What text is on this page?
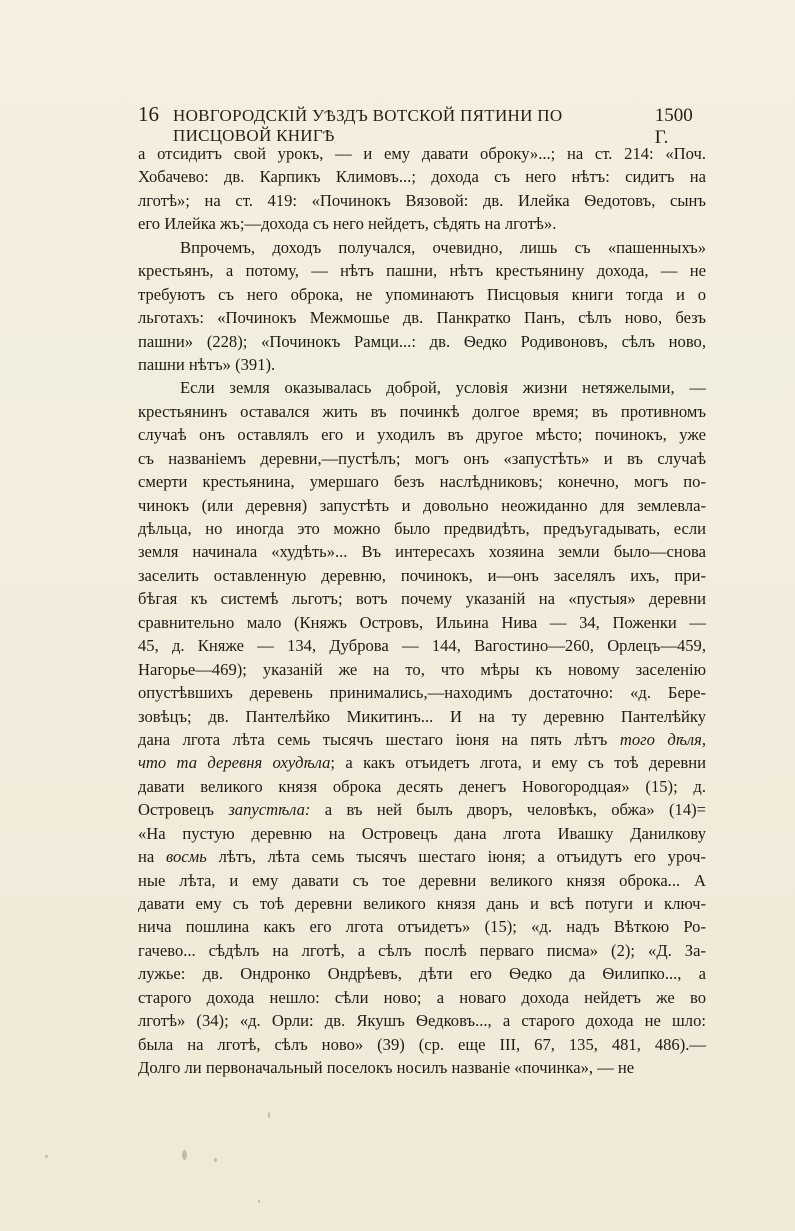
16 НОВГОРОДСКІЙ УѢЗДЪ ВОТСКОЙ ПЯТИНИ ПО ПИСЦОВОЙ КНИГѢ
1500 Г.
а отсидитъ свой урокъ, — и ему давати оброку»...; на ст. 214: «Поч.
Хобачево: дв. Карпикъ Климовъ...; дохода съ него нѣтъ: сидитъ на
лготѣ»; на ст. 419: «Починокъ Вязовой: дв. Илейка Ѳедотовъ, сынъ
его Илейка жъ;—дохода съ него нейдетъ, сѣдять на лготѣ».
Впрочемъ, доходъ получался, очевидно, лишь съ «пашенныхъ»
крестьянъ, а потому, — нѣтъ пашни, нѣтъ крестьянину дохода, — не
требуютъ съ него оброка, не упоминаютъ Писцовыя книги тогда и о
льготахъ: «Починокъ Межмошье дв. Панкратко Панъ, сѣлъ ново, безъ
пашни» (228); «Починокъ Рамци...: дв. Ѳедко Родивоновъ, сѣлъ ново,
пашни нѣтъ» (391).
Если земля оказывалась доброй, условія жизни нетяжелыми, —
крестьянинъ оставался жить въ починкѣ долгое время; въ противномъ
случаѣ онъ оставлялъ его и уходилъ въ другое мѣсто; починокъ, уже
съ названіемъ деревни,—пустѣлъ; могъ онъ «запустѣть» и въ случаѣ
смерти крестьянина, умершаго безъ наслѣдниковъ; конечно, могъ по-
чинокъ (или деревня) запустѣть и довольно неожиданно для землевла-
дѣльца, но иногда это можно было предвидѣть, предъугадывать, если
земля начинала «худѣть»... Въ интересахъ хозяина земли было—снова
заселить оставленную деревню, починокъ, и—онъ заселялъ ихъ, при-
бѣгая къ системѣ льготъ; вотъ почему указаній на «пустыя» деревни
сравнительно мало (Княжъ Островъ, Ильина Нива — 34, Поженки —
45, д. Княже — 134, Дуброва — 144, Вагостино—260, Орлецъ—459,
Нагорье—469); указаній же на то, что мѣры къ новому заселенію
опустѣвшихъ деревень принимались,—находимъ достаточно: «д. Бере-
зовѣцъ; дв. Пантелѣйко Микитинъ... И на ту деревню Пантелѣйку
дана лгота лѣта семь тысячъ шестаго іюня на пять лѣтъ того дѣля,
что та деревня охудѣла; а какъ отъидетъ лгота, и ему съ тоѣ деревни
давати великого князя оброка десять денегъ Новогородцая» (15); д.
Островецъ запустѣла: а въ ней былъ дворъ, человѣкъ, обжа» (14)=
«На пустую деревню на Островецъ дана лгота Ивашку Данилкову
на восмь лѣтъ, лѣта семь тысячъ шестаго іюня; а отъидутъ его уроч-
ные лѣта, и ему давати съ тое деревни великого князя оброка... А
давати ему съ тоѣ деревни великого князя дань и всѣ потуги и ключ-
нича пошлина какъ его лгота отъидетъ» (15); «д. надъ Вѣткою Ро-
гачево... сѣдѣлъ на лготѣ, а сѣлъ послѣ перваго писма» (2); «Д. За-
лужье: дв. Ондронко Ондрѣевъ, дѣти его Ѳедко да Ѳилипко..., а
старого дохода нешло: сѣли ново; а новаго дохода нейдетъ же во
лготѣ» (34); «д. Орли: дв. Якушъ Ѳедковъ..., а старого дохода не шло:
была на лготѣ, сѣлъ ново» (39) (ср. еще III, 67, 135, 481, 486).—
Долго ли первоначальный поселокъ носилъ названіе «починка», — не
